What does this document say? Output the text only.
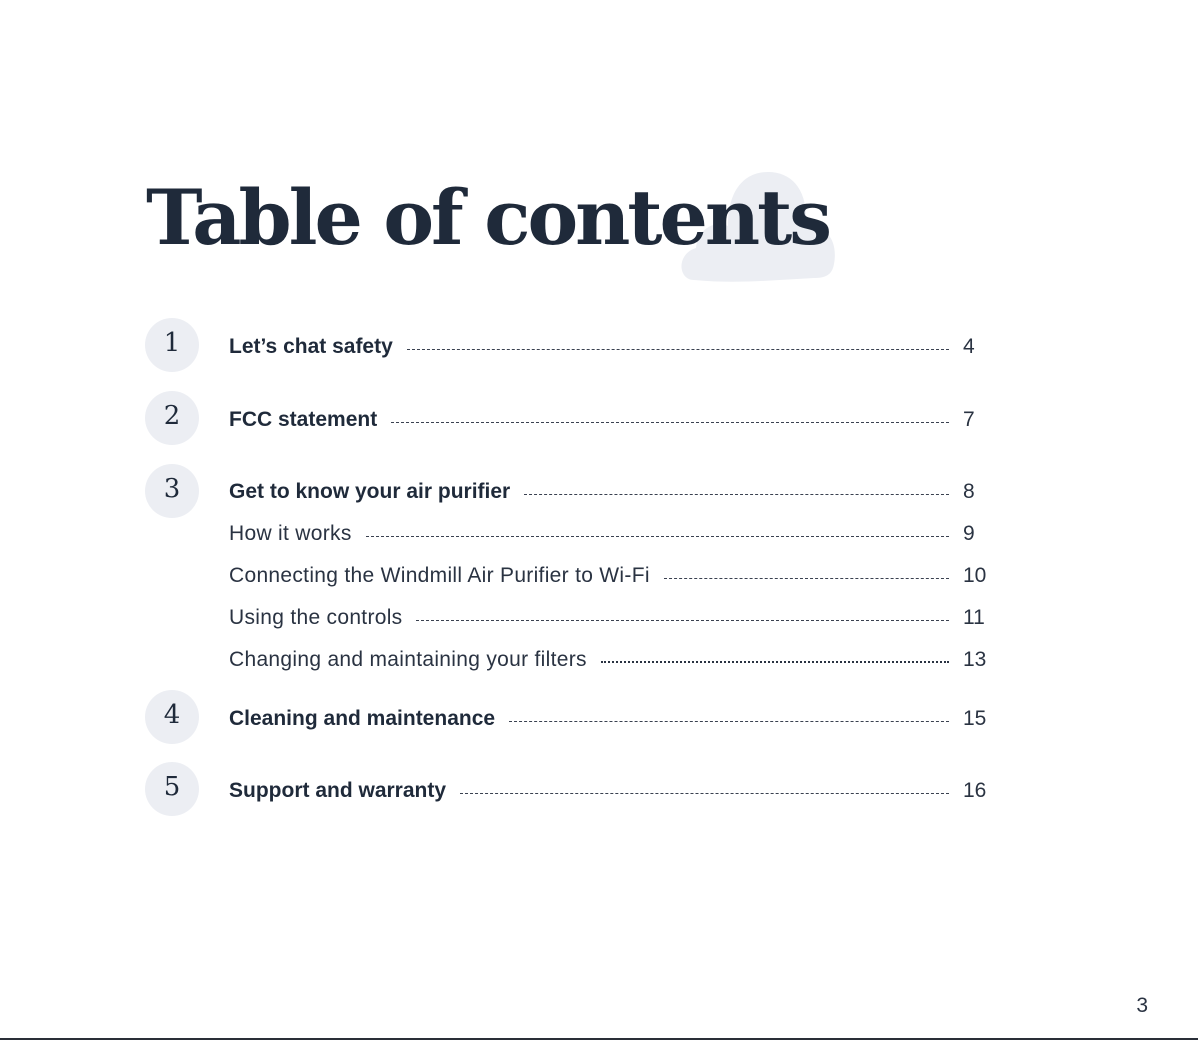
Table of contents
1	Let’s chat safety	4
2	FCC statement	7
3	Get to know your air purifier	8
How it works	9
Connecting the Windmill Air Purifier to Wi-Fi	10
Using the controls	11
Changing and maintaining your filters	13
4	Cleaning and maintenance	15
5	Support and warranty	16
3
